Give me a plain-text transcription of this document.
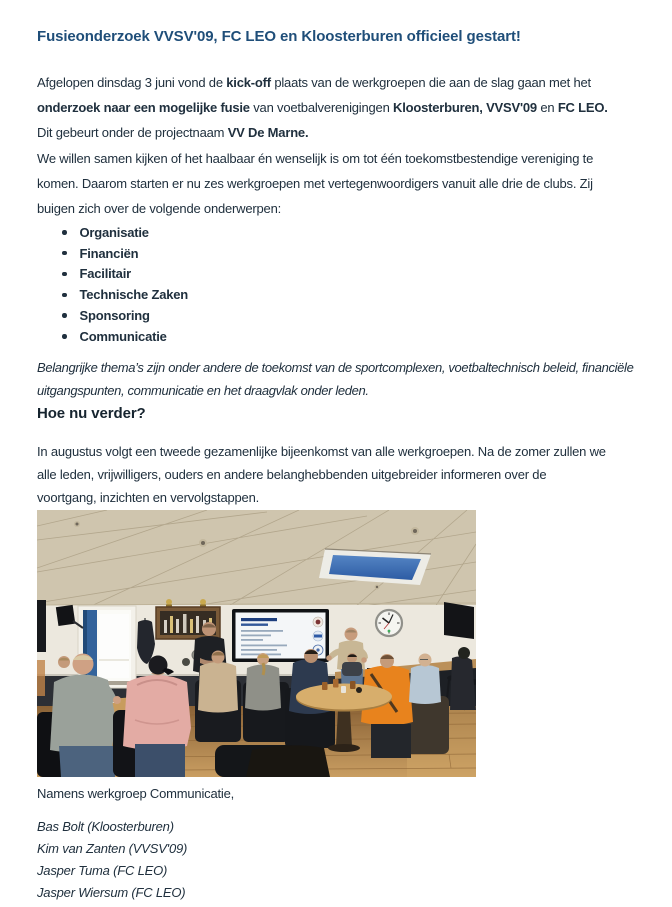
Fusieonderzoek VVSV'09, FC LEO en Kloosterburen officieel gestart!
Afgelopen dinsdag 3 juni vond de kick-off plaats van de werkgroepen die aan de slag gaan met het
onderzoek naar een mogelijke fusie van voetbalverenigingen Kloosterburen, VVSV'09 en FC LEO.
Dit gebeurt onder de projectnaam VV De Marne.
We willen samen kijken of het haalbaar én wenselijk is om tot één toekomstbestendige vereniging te
komen. Daarom starten er nu zes werkgroepen met vertegenwoordigers vanuit alle drie de clubs. Zij
buigen zich over de volgende onderwerpen:
Organisatie
Financiën
Facilitair
Technische Zaken
Sponsoring
Communicatie
Belangrijke thema’s zijn onder andere de toekomst van de sportcomplexen, voetbaltechnisch beleid, financiële
uitgangspunten, communicatie en het draagvlak onder leden.
Hoe nu verder?
In augustus volgt een tweede gezamenlijke bijeenkomst van alle werkgroepen. Na de zomer zullen we
alle leden, vrijwilligers, ouders en andere belanghebbenden uitgebreider informeren over de
voortgang, inzichten en vervolgstappen.

Namens werkgroep Communicatie,

Bas Bolt (Kloosterburen)
Kim van Zanten (VVSV'09)
Jasper Tuma (FC LEO)
Jasper Wiersum (FC LEO)
